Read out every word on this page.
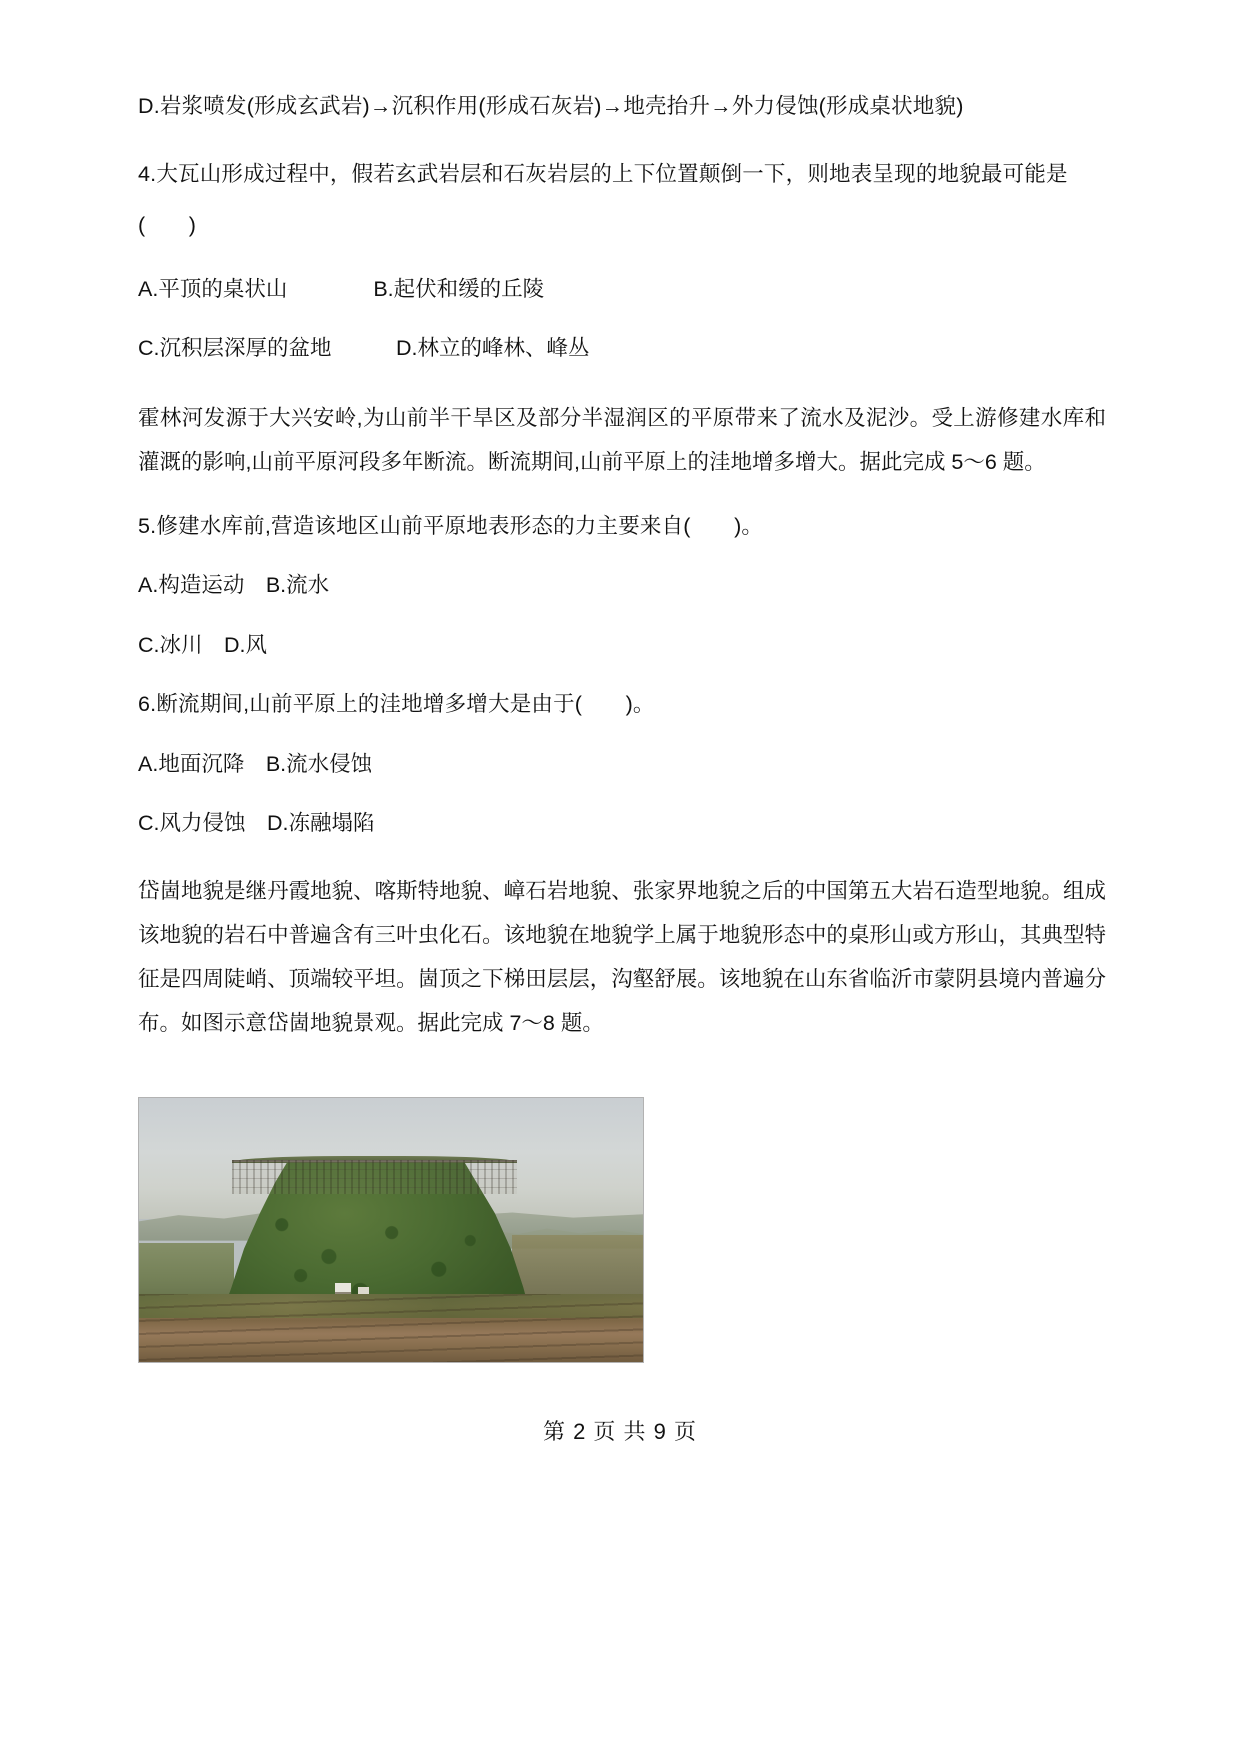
D.岩浆喷发(形成玄武岩)→沉积作用(形成石灰岩)→地壳抬升→外力侵蚀(形成桌状地貌)
4.大瓦山形成过程中，假若玄武岩层和石灰岩层的上下位置颠倒一下，则地表呈现的地貌最可能是
(　　)
A.平顶的桌状山　　　　B.起伏和缓的丘陵
C.沉积层深厚的盆地　　　D.林立的峰林、峰丛
霍林河发源于大兴安岭,为山前半干旱区及部分半湿润区的平原带来了流水及泥沙。受上游修建水库和灌溉的影响,山前平原河段多年断流。断流期间,山前平原上的洼地增多增大。据此完成 5～6 题。
5.修建水库前,营造该地区山前平原地表形态的力主要来自(　　)。
A.构造运动　B.流水
C.冰川　D.风
6.断流期间,山前平原上的洼地增多增大是由于(　　)。
A.地面沉降　B.流水侵蚀
C.风力侵蚀　D.冻融塌陷
岱崮地貌是继丹霞地貌、喀斯特地貌、嶂石岩地貌、张家界地貌之后的中国第五大岩石造型地貌。组成该地貌的岩石中普遍含有三叶虫化石。该地貌在地貌学上属于地貌形态中的桌形山或方形山，其典型特征是四周陡峭、顶端较平坦。崮顶之下梯田层层，沟壑舒展。该地貌在山东省临沂市蒙阴县境内普遍分布。如图示意岱崮地貌景观。据此完成 7～8 题。
第 2 页 共 9 页
